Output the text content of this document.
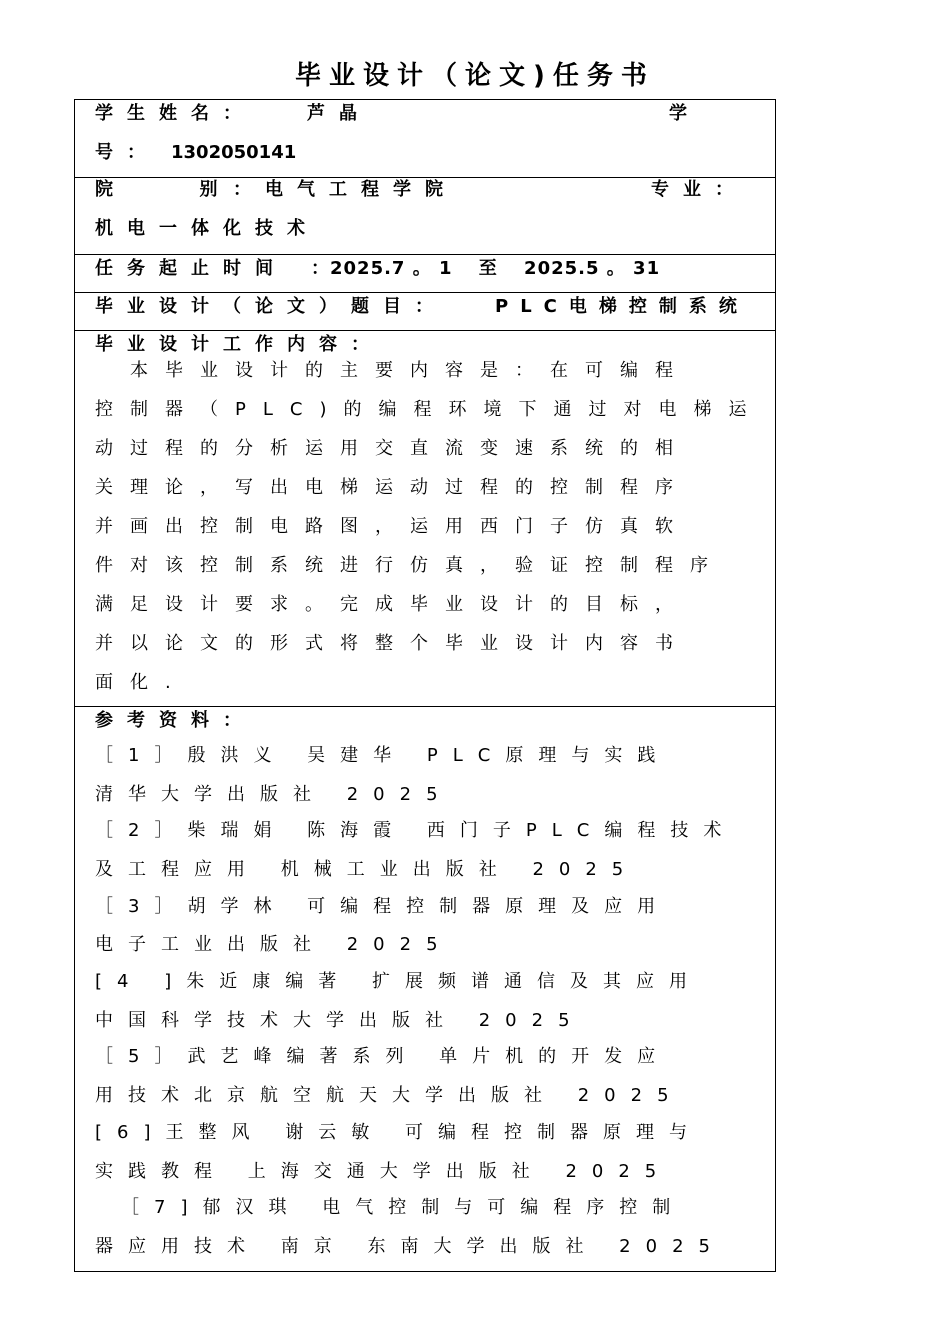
毕业设计（论文)任务书
学生姓名：	芦晶	学
号： 1302050141
院 　 别 ：电气工程学院	专业：
机电一体化技术
任务起止时间 ：2025.7 。 1 　至 　2025.5 。 31
毕业设计（论文）题目：	PLC电梯控制系统
毕业设计工作内容：
　本毕业设计的主要内容是：在可编程
控制器（PLC)的编程环境下通过对电梯运
动过程的分析运用交直流变速系统的相
关理论，写出电梯运动过程的控制程序
并画出控制电路图，运用西门子仿真软
件对该控制系统进行仿真，验证控制程序
满足设计要求。完成毕业设计的目标，
并以论文的形式将整个毕业设计内容书
面化.
参考资料：
［1］殷洪义 吴建华 PLC原理与实践
清华大学出版社 2025
［2］柴瑞娟 陈海霞 西门子PLC编程技术
及工程应用 机械工业出版社 2025
［3］胡学林 可编程控制器原理及应用
电子工业出版社 2025
[4 ]朱近康编著 扩展频谱通信及其应用
中国科学技术大学出版社 2025
［5］武艺峰编著系列 单片机的开发应
用技术北京航空航天大学出版社 2025
[6]王整风 谢云敏 可编程控制器原理与
实践教程 上海交通大学出版社 2025
［7]郁汉琪 电气控制与可编程序控制
器应用技术 南京 东南大学出版社 2025
